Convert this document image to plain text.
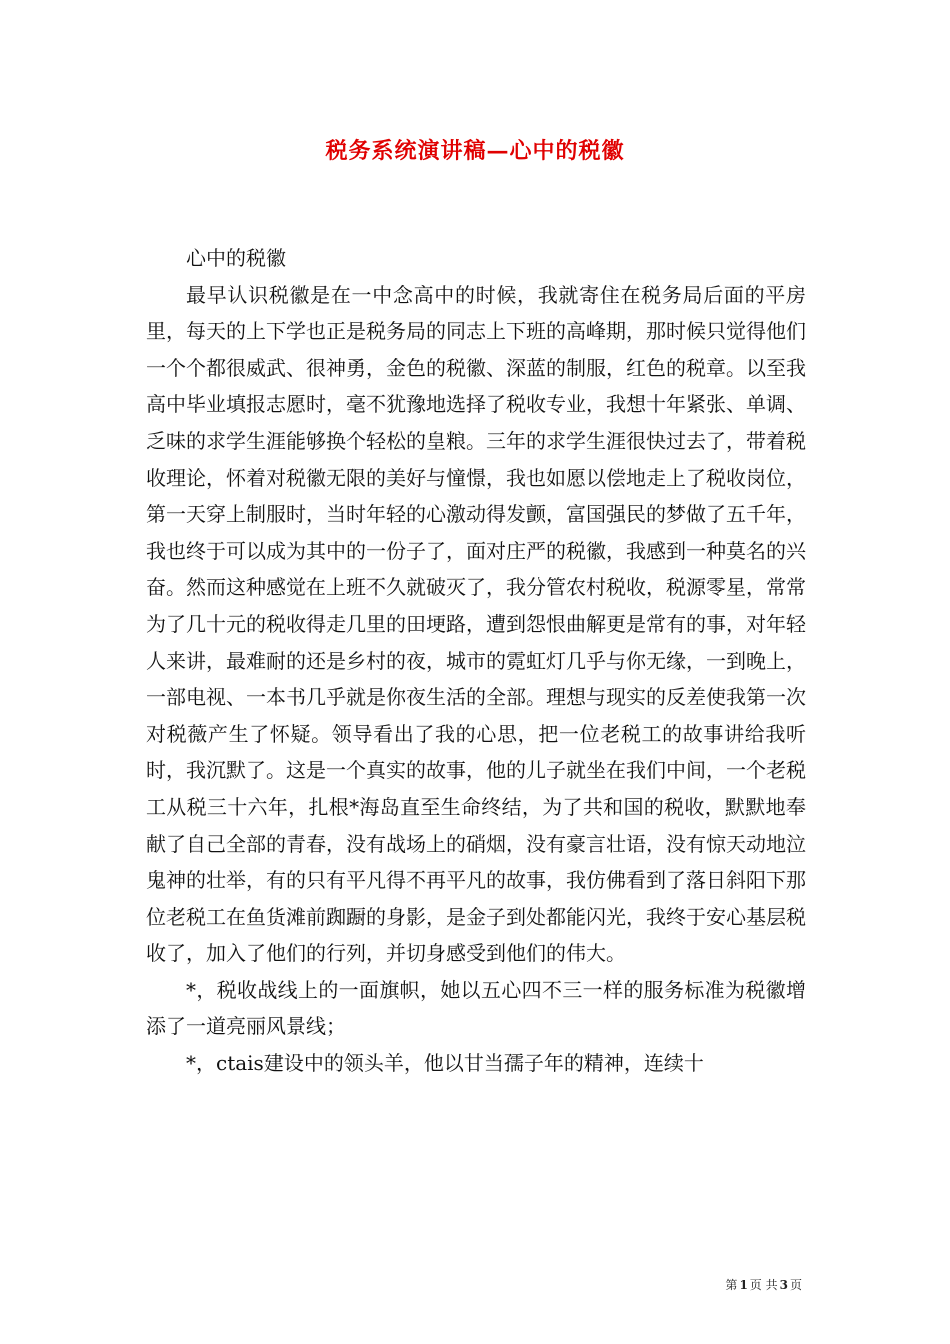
税务系统演讲稿—心中的税徽

心中的税徽

最早认识税徽是在一中念高中的时候，我就寄住在税务局后面的平房里，每天的上下学也正是税务局的同志上下班的高峰期，那时候只觉得他们一个个都很威武、很神勇，金色的税徽、深蓝的制服，红色的税章。以至我高中毕业填报志愿时，毫不犹豫地选择了税收专业，我想十年紧张、单调、乏味的求学生涯能够换个轻松的皇粮。三年的求学生涯很快过去了，带着税收理论，怀着对税徽无限的美好与憧憬，我也如愿以偿地走上了税收岗位，第一天穿上制服时，当时年轻的心激动得发颤，富国强民的梦做了五千年，我也终于可以成为其中的一份子了，面对庄严的税徽，我感到一种莫名的兴奋。然而这种感觉在上班不久就破灭了，我分管农村税收，税源零星，常常为了几十元的税收得走几里的田埂路，遭到怨恨曲解更是常有的事，对年轻人来讲，最难耐的还是乡村的夜，城市的霓虹灯几乎与你无缘，一到晚上，一部电视、一本书几乎就是你夜生活的全部。理想与现实的反差使我第一次对税薇产生了怀疑。领导看出了我的心思，把一位老税工的故事讲给我听时，我沉默了。这是一个真实的故事，他的儿子就坐在我们中间，一个老税工从税三十六年，扎根*海岛直至生命终结，为了共和国的税收，默默地奉献了自己全部的青春，没有战场上的硝烟，没有豪言壮语，没有惊天动地泣鬼神的壮举，有的只有平凡得不再平凡的故事，我仿佛看到了落日斜阳下那位老税工在鱼货滩前踟蹰的身影，是金子到处都能闪光，我终于安心基层税收了，加入了他们的行列，并切身感受到他们的伟大。

*，税收战线上的一面旗帜，她以五心四不三一样的服务标准为税徽增添了一道亮丽风景线；

*，ctais建设中的领头羊，他以甘当孺子年的精神，连续十

第 1 页 共 3 页
